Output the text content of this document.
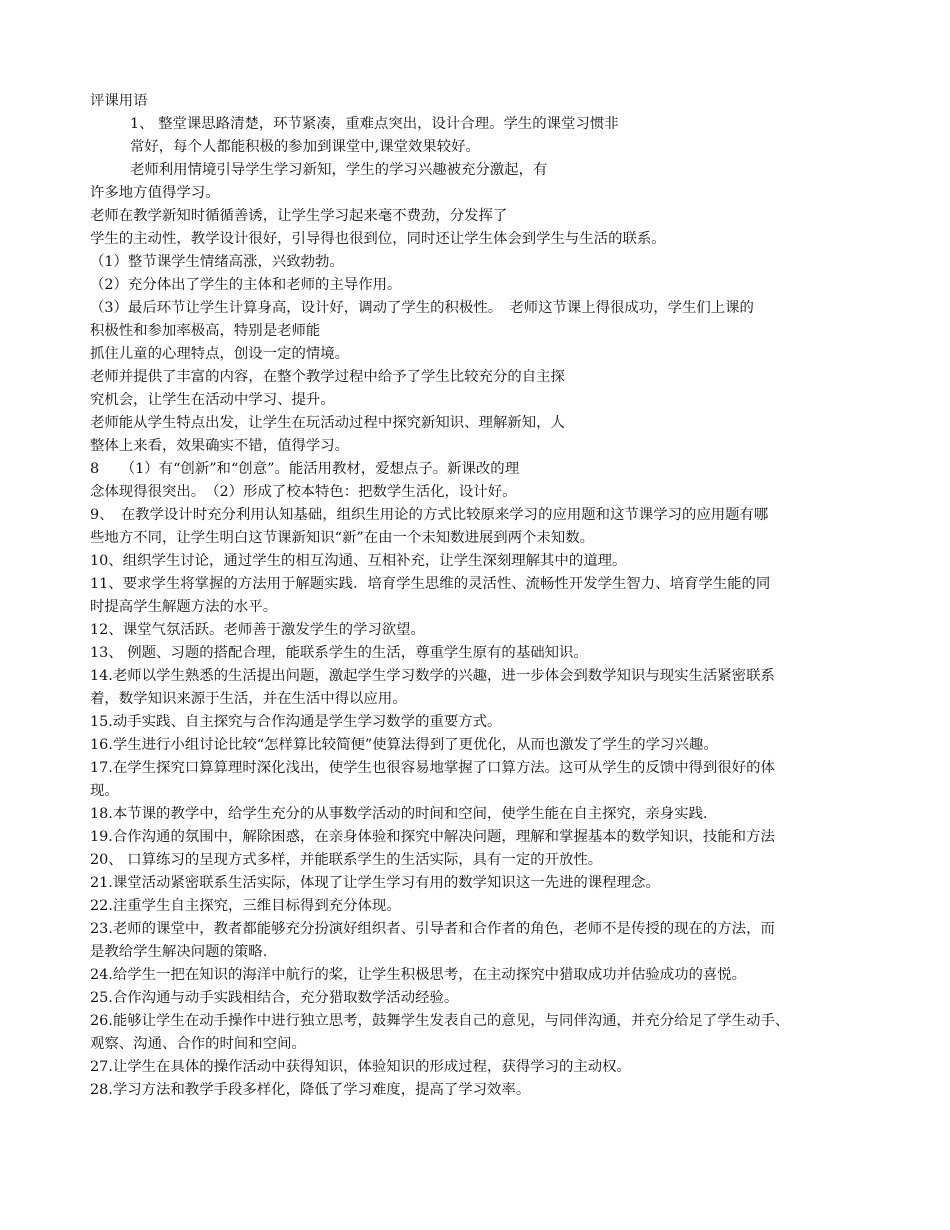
评课用语
1、 整堂课思路清楚，环节紧凑，重难点突出，设计合理。学生的课堂习惯非
常好，每个人都能积极的参加到课堂中,课堂效果较好。
老师利用情境引导学生学习新知，学生的学习兴趣被充分激起，有
许多地方值得学习。
老师在教学新知时循循善诱，让学生学习起来毫不费劲，分发挥了
学生的主动性，教学设计很好，引导得也很到位，同时还让学生体会到学生与生活的联系。
（1）整节课学生情绪高涨，兴致勃勃。
（2）充分体出了学生的主体和老师的主导作用。
（3）最后环节让学生计算身高，设计好，调动了学生的积极性。　老师这节课上得很成功，学生们上课的
积极性和参加率极高，特别是老师能
抓住儿童的心理特点，创设一定的情境。
老师并提供了丰富的内容，在整个教学过程中给予了学生比较充分的自主探
究机会，让学生在活动中学习、提升。
老师能从学生特点出发，让学生在玩活动过程中探究新知识、理解新知，人
整体上来看，效果确实不错，值得学习。
8　　（1）有“创新”和“创意”。能活用教材，爱想点子。新课改的理
念体现得很突出。　（2）形成了校本特色：把数学生活化，设计好。
9、　在教学设计时充分利用认知基础，组织生用论的方式比较原来学习的应用题和这节课学习的应用题有哪
些地方不同，让学生明白这节课新知识“新”在由一个未知数进展到两个未知数。
10、组织学生讨论，通过学生的相互沟通、互相补充，让学生深刻理解其中的道理。
11、要求学生将掌握的方法用于解题实践．培育学生思维的灵活性、流畅性开发学生智力、培育学生能的同
时提高学生解题方法的水平。
12、课堂气氛活跃。老师善于激发学生的学习欲望。
13、 例题、习题的搭配合理，能联系学生的生活，尊重学生原有的基础知识。
14.老师以学生熟悉的生活提出问题，激起学生学习数学的兴趣，进一步体会到数学知识与现实生活紧密联系
着，数学知识来源于生活，并在生活中得以应用。
15.动手实践、自主探究与合作沟通是学生学习数学的重要方式。
16.学生进行小组讨论比较“怎样算比较简便”使算法得到了更优化，从而也激发了学生的学习兴趣。
17.在学生探究口算算理时深化浅出，使学生也很容易地掌握了口算方法。这可从学生的反馈中得到很好的体
现。
18.本节课的教学中，给学生充分的从事数学活动的时间和空间，使学生能在自主探究，亲身实践.
19.合作沟通的氛围中，解除困惑，在亲身体验和探究中解决问题，理解和掌握基本的数学知识，技能和方法
20、 口算练习的呈现方式多样，并能联系学生的生活实际，具有一定的开放性。
21.课堂活动紧密联系生活实际，体现了让学生学习有用的数学知识这一先进的课程理念。
22.注重学生自主探究，三维目标得到充分体现。
23.老师的课堂中，教者都能够充分扮演好组织者、引导者和合作者的角色，老师不是传授的现在的方法，而
是教给学生解决问题的策略.
24.给学生一把在知识的海洋中航行的桨，让学生积极思考，在主动探究中猎取成功并估验成功的喜悦。
25.合作沟通与动手实践相结合，充分猎取数学活动经验。
26.能够让学生在动手操作中进行独立思考，鼓舞学生发表自己的意见，与同伴沟通，并充分给足了学生动手、
观察、沟通、合作的时间和空间。
27.让学生在具体的操作活动中获得知识，体验知识的形成过程，获得学习的主动权。
28.学习方法和教学手段多样化，降低了学习难度，提高了学习效率。
